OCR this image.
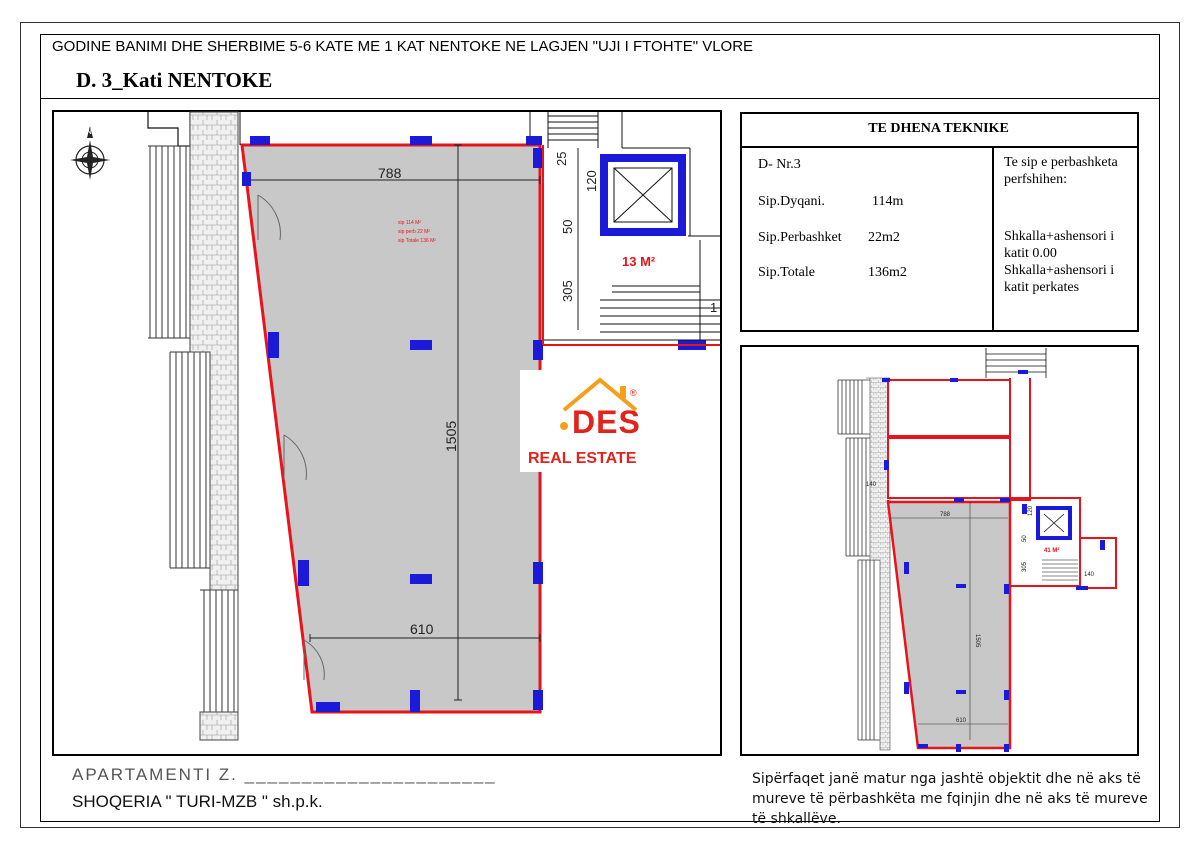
GODINE BANIMI DHE SHERBIME 5-6 KATE ME 1 KAT NENTOKE NE LAGJEN "UJI I FTOHTE" VLORE
D. 3_Kati NENTOKE
N
788
610
1505
sip 114 M²
sip perb 22 M²
sip Totale 136 M²
25
120
50
305
1
13 M²
DES
®
REAL ESTATE
TE DHENA TEKNIKE
D- Nr.3
Sip.Dyqani.	114m
Sip.Perbashket 22m2
Sip.Totale	136m2
Te sip e perbashketa perfshihen:
Shkalla+ashensori i katit 0.00
Shkalla+ashensori i katit perkates
788
1505
610
140
140
120
50
305
41 M²
APARTAMENTI Z. ______________________
SHOQERIA " TURI-MZB " sh.p.k.
Sipërfaqet janë matur nga jashtë objektit dhe në aks të mureve të përbashkëta me fqinjin dhe në aks të mureve të shkallëve.
